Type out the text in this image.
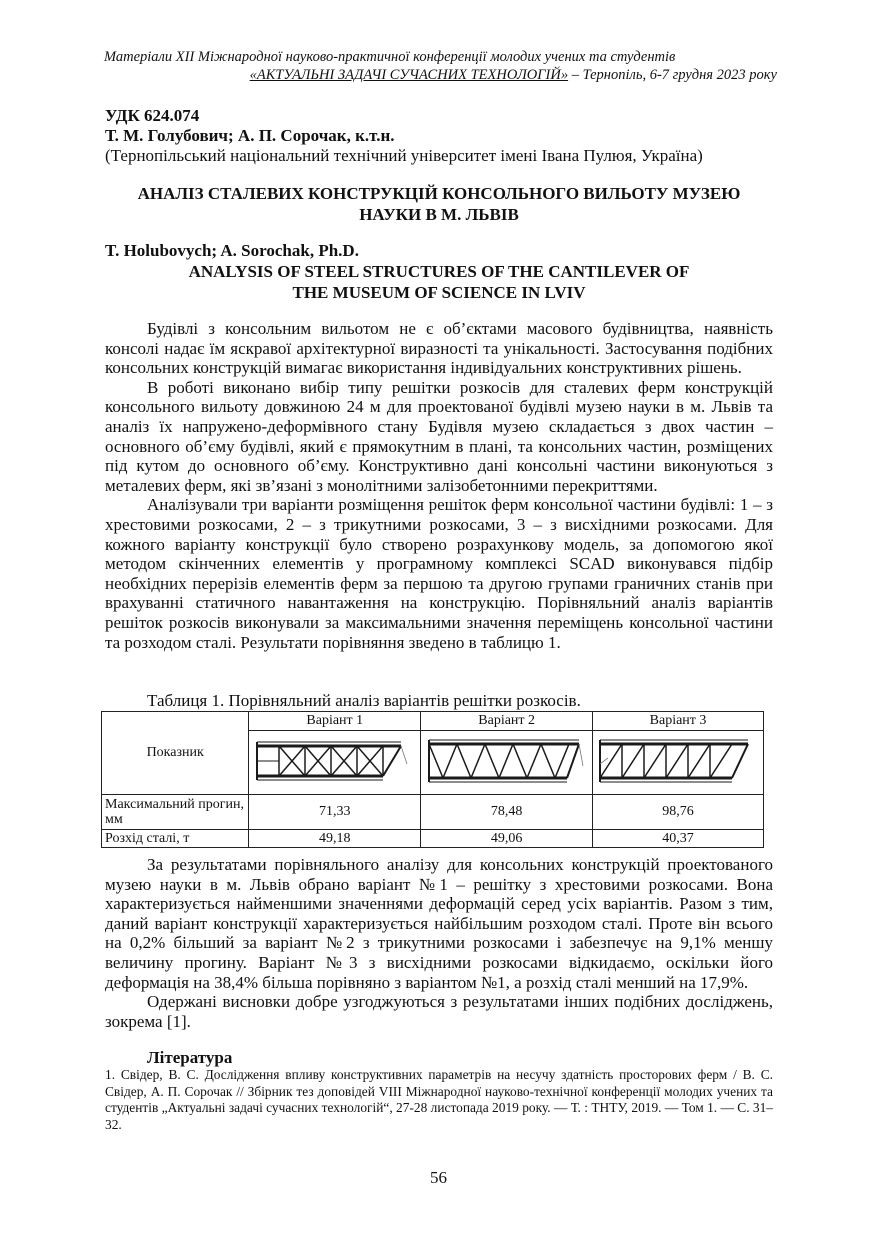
Матеріали XII Міжнародної науково-практичної конференції молодих учених та студентів
«АКТУАЛЬНІ ЗАДАЧІ СУЧАСНИХ ТЕХНОЛОГІЙ» – Тернопіль, 6-7 грудня 2023 року
УДК 624.074
Т. М. Голубович; А. П. Сорочак, к.т.н.
(Тернопільський національний технічний університет імені Івана Пулюя, Україна)
АНАЛІЗ СТАЛЕВИХ КОНСТРУКЦІЙ КОНСОЛЬНОГО ВИЛЬОТУ МУЗЕЮ
НАУКИ В М. ЛЬВІВ
T. Holubovych; A. Sorochak, Ph.D.
ANALYSIS OF STEEL STRUCTURES OF THE CANTILEVER OF
THE MUSEUM OF SCIENCE IN LVIV

Будівлі з консольним вильотом не є об’єктами масового будівництва, наявність консолі надає їм яскравої архітектурної виразності та унікальності. Застосування подібних консольних конструкцій вимагає використання індивідуальних конструктивних рішень.

В роботі виконано вибір типу решітки розкосів для сталевих ферм конструкцій консольного вильоту довжиною 24 м для проектованої будівлі музею науки в м. Львів та аналіз їх напружено-деформівного стану Будівля музею складається з двох частин – основного об’єму будівлі, який є прямокутним в плані, та консольних частин, розміщених під кутом до основного об’єму. Конструктивно дані консольні частини виконуються з металевих ферм, які зв’язані з монолітними залізобетонними перекриттями.

Аналізували три варіанти розміщення решіток ферм консольної частини будівлі: 1 – з хрестовими розкосами, 2 – з трикутними розкосами, 3 – з висхідними розкосами. Для кожного варіанту конструкції було створено розрахункову модель, за допомогою якої методом скінченних елементів у програмному комплексі SCAD виконувався підбір необхідних перерізів елементів ферм за першою та другою групами граничних станів при врахуванні статичного навантаження на конструкцію. Порівняльний аналіз варіантів решіток розкосів виконували за максимальними значення переміщень консольної частини та розходом сталі. Результати порівняння зведено в таблицю 1.

Таблиця 1. Порівняльний аналіз варіантів решітки розкосів.
Показник	Варіант 1	Варіант 2	Варіант 3

Максимальний прогин, мм	71,33	78,48	98,76
Розхід сталі, т	49,18	49,06	40,37

За результатами порівняльного аналізу для консольних конструкцій проектованого музею науки в м. Львів обрано варіант №1 – решітку з хрестовими розкосами. Вона характеризується найменшими значеннями деформацій серед усіх варіантів. Разом з тим, даний варіант конструкції характеризується найбільшим розходом сталі. Проте він всього на 0,2% більший за варіант №2 з трикутними розкосами і забезпечує на 9,1% меншу величину прогину. Варіант №3 з висхідними розкосами відкидаємо, оскільки його деформація на 38,4% більша порівняно з варіантом №1, а розхід сталі менший на 17,9%.

Одержані висновки добре узгоджуються з результатами інших подібних досліджень, зокрема [1].

Література
1. Свідер, В. С. Дослідження впливу конструктивних параметрів на несучу здатність просторових ферм / В. С. Свідер, А. П. Сорочак // Збірник тез доповідей VIII Міжнародної науково-технічної конференції молодих учених та студентів „Актуальні задачі сучасних технологій“, 27-28 листопада 2019 року. — Т. : ТНТУ, 2019. — Том 1. — С. 31–32.
56
